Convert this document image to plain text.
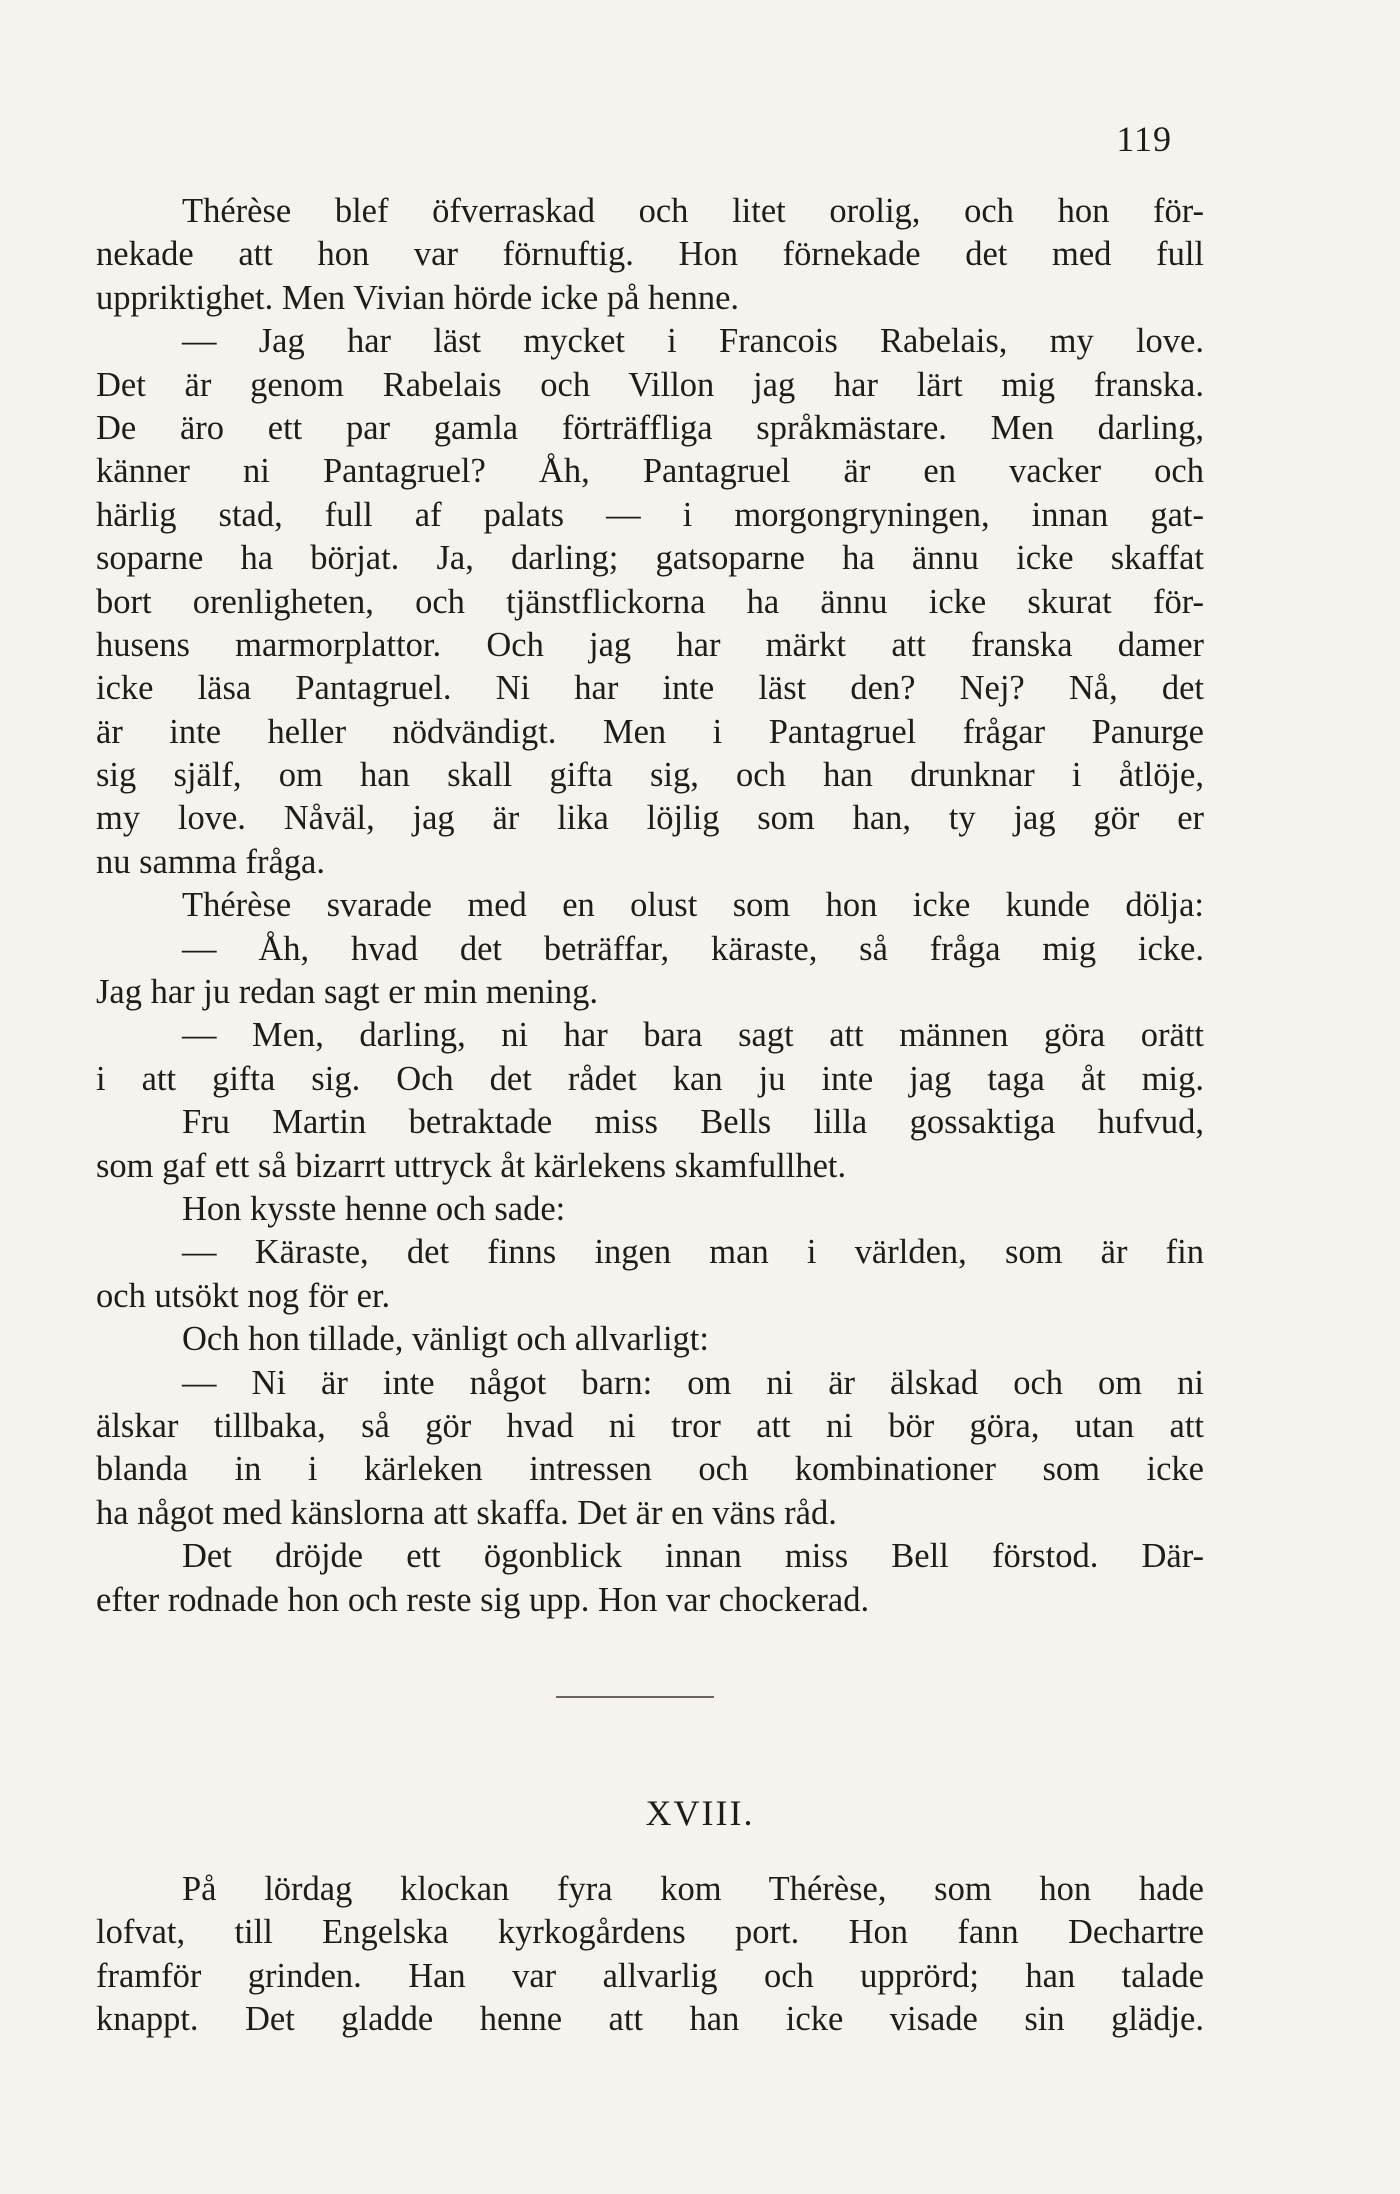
119
Thérèse blef öfverraskad och litet orolig, och hon för-
nekade att hon var förnuftig. Hon förnekade det med full
uppriktighet. Men Vivian hörde icke på henne.
— Jag har läst mycket i Francois Rabelais, my love.
Det är genom Rabelais och Villon jag har lärt mig franska.
De äro ett par gamla förträffliga språkmästare. Men darling,
känner ni Pantagruel? Åh, Pantagruel är en vacker och
härlig stad, full af palats — i morgongryningen, innan gat-
soparne ha börjat. Ja, darling; gatsoparne ha ännu icke skaffat
bort orenligheten, och tjänstflickorna ha ännu icke skurat för-
husens marmorplattor. Och jag har märkt att franska damer
icke läsa Pantagruel. Ni har inte läst den? Nej? Nå, det
är inte heller nödvändigt. Men i Pantagruel frågar Panurge
sig själf, om han skall gifta sig, och han drunknar i åtlöje,
my love. Nåväl, jag är lika löjlig som han, ty jag gör er
nu samma fråga.
Thérèse svarade med en olust som hon icke kunde dölja:
— Åh, hvad det beträffar, käraste, så fråga mig icke.
Jag har ju redan sagt er min mening.
— Men, darling, ni har bara sagt att männen göra orätt
i att gifta sig. Och det rådet kan ju inte jag taga åt mig.
Fru Martin betraktade miss Bells lilla gossaktiga hufvud,
som gaf ett så bizarrt uttryck åt kärlekens skamfullhet.
Hon kysste henne och sade:
— Käraste, det finns ingen man i världen, som är fin
och utsökt nog för er.
Och hon tillade, vänligt och allvarligt:
— Ni är inte något barn: om ni är älskad och om ni
älskar tillbaka, så gör hvad ni tror att ni bör göra, utan att
blanda in i kärleken intressen och kombinationer som icke
ha något med känslorna att skaffa. Det är en väns råd.
Det dröjde ett ögonblick innan miss Bell förstod. Där-
efter rodnade hon och reste sig upp. Hon var chockerad.
XVIII.
På lördag klockan fyra kom Thérèse, som hon hade
lofvat, till Engelska kyrkogårdens port. Hon fann Dechartre
framför grinden. Han var allvarlig och upprörd; han talade
knappt. Det gladde henne att han icke visade sin glädje.
